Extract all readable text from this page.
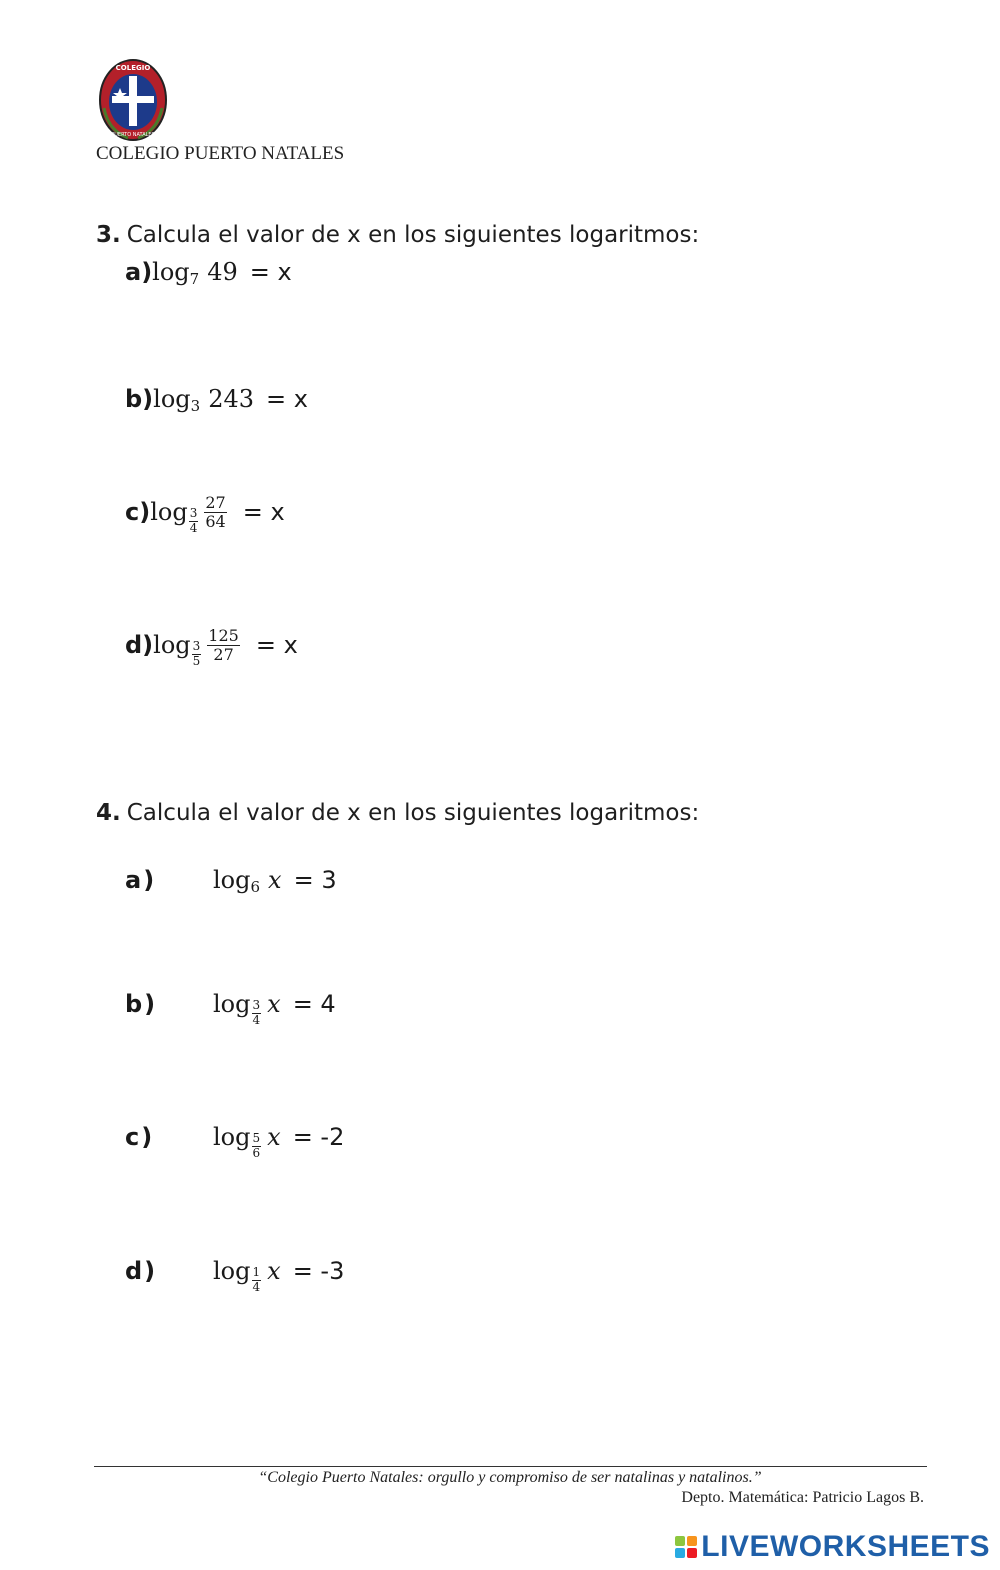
COLEGIO
PUERTO NATALES
COLEGIO PUERTO NATALES
3. Calcula el valor de x en los siguientes logaritmos:
a) log 7 49 = x
b) log 3 243 = x
c) $\log \frac{3}{4} \frac{27}{64} = x$
d) $\log \frac{3}{5} \frac{125}{27} = x$
4. Calcula el valor de x en los siguientes logaritmos:
a)	log 6 x = 3
b)	$\log \frac{3}{4}$ x = 4
c)	$\log \frac{5}{6}$ x = -2
d)	$\log \frac{1}{4}$ x = -3
“Colegio Puerto Natales: orgullo y compromiso de ser natalinas y natalinos.”
Depto. Matemática: Patricio Lagos B.
LIVEWORKSHEETS
